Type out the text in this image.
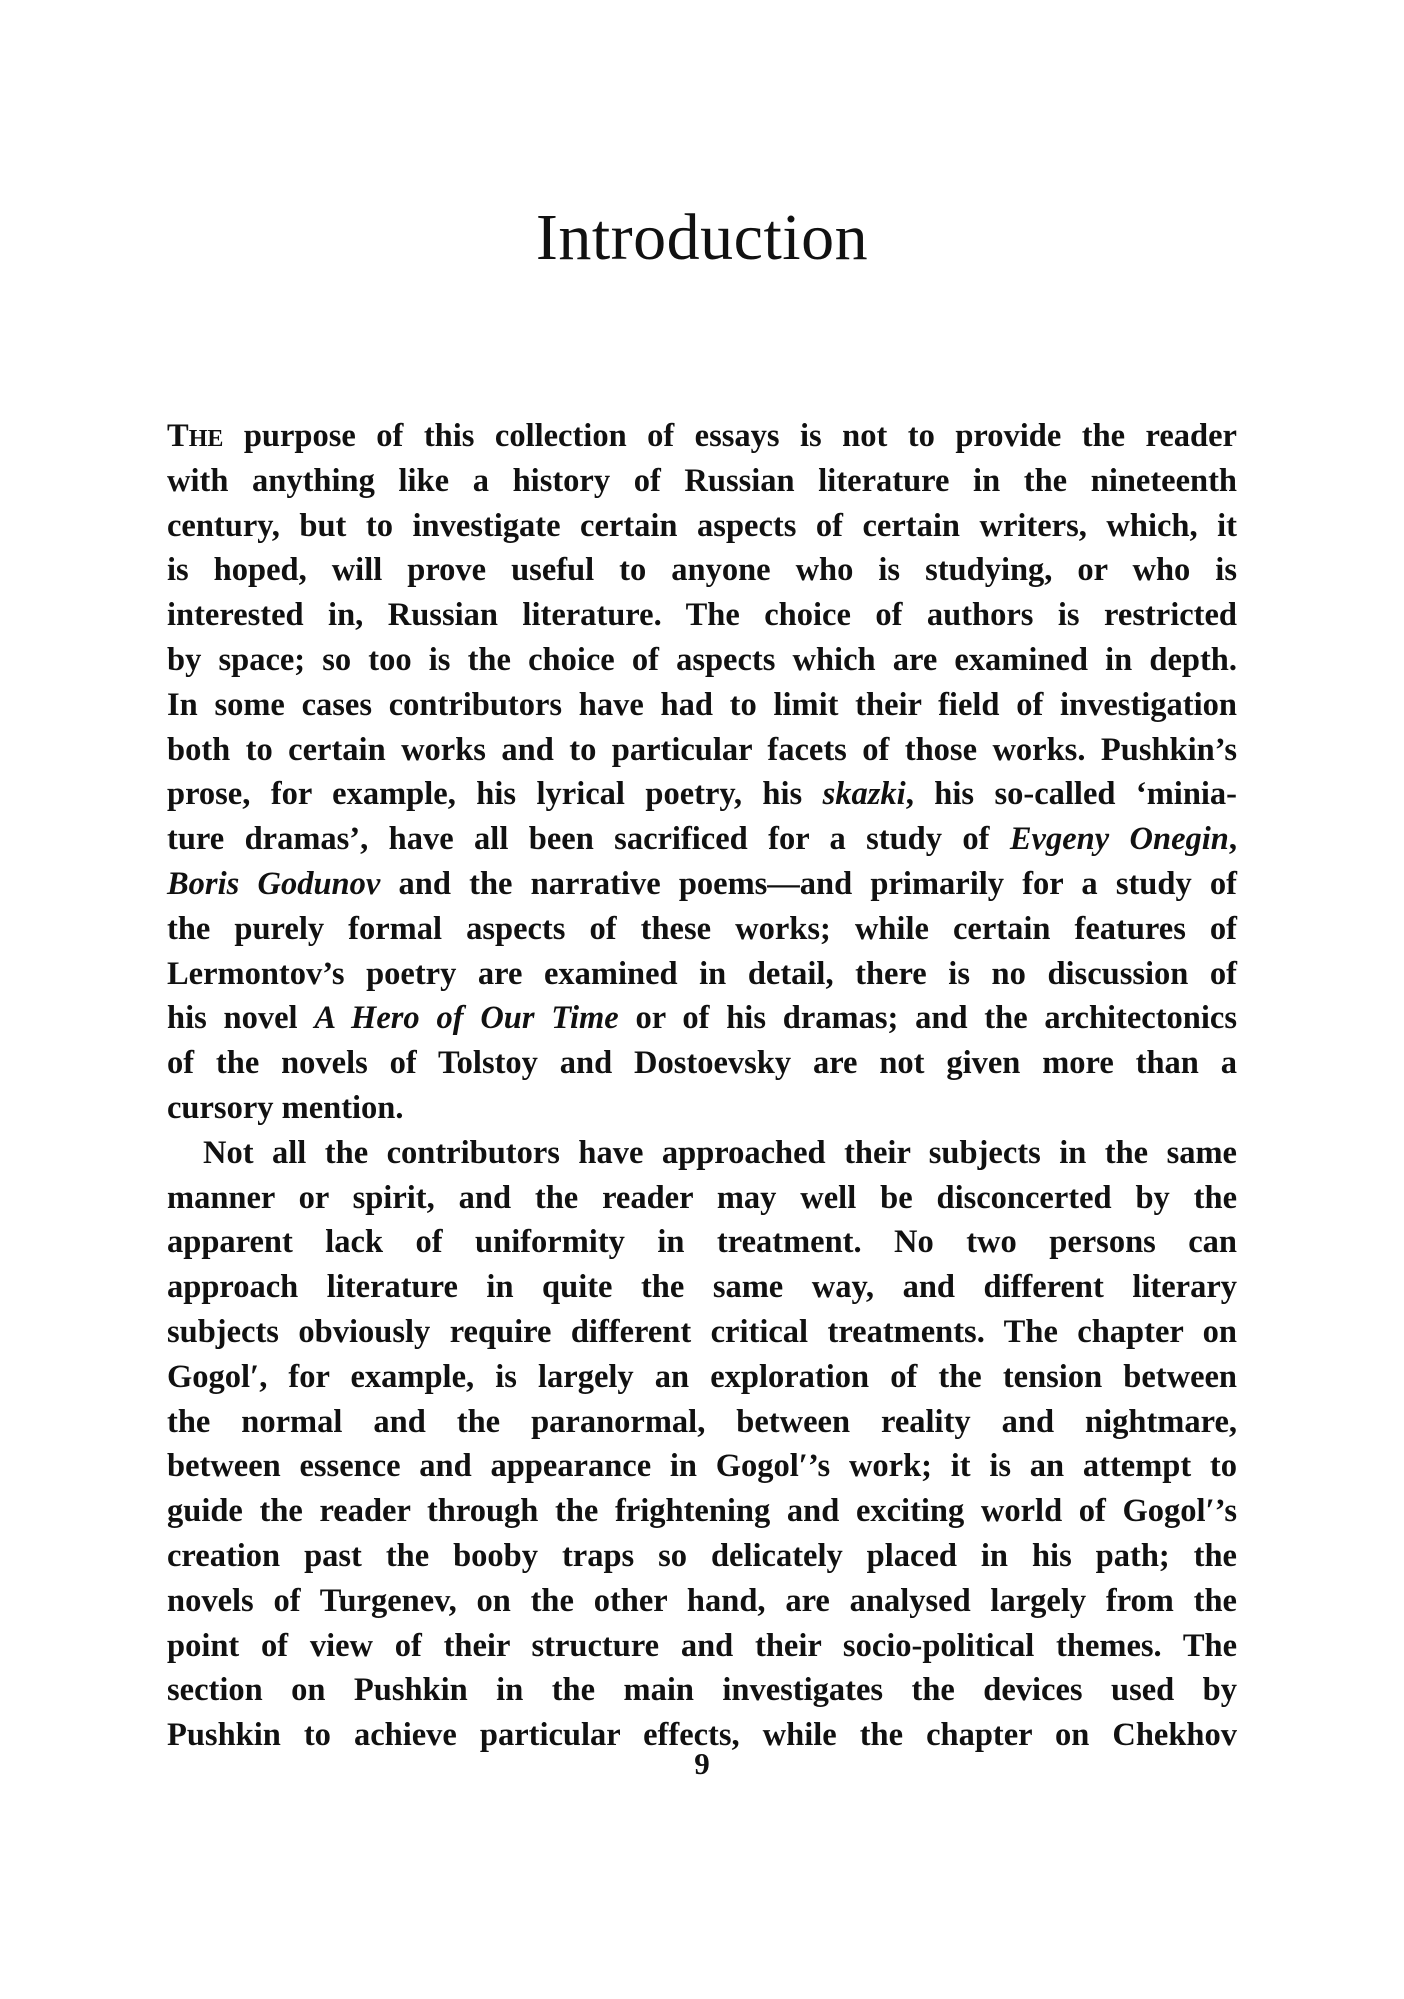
Introduction
THE purpose of this collection of essays is not to provide the reader
with anything like a history of Russian literature in the nineteenth
century, but to investigate certain aspects of certain writers, which, it
is hoped, will prove useful to anyone who is studying, or who is
interested in, Russian literature. The choice of authors is restricted
by space; so too is the choice of aspects which are examined in depth.
In some cases contributors have had to limit their field of investigation
both to certain works and to particular facets of those works. Pushkin’s
prose, for example, his lyrical poetry, his skazki, his so-called ‘minia-
ture dramas’, have all been sacrificed for a study of Evgeny Onegin,
Boris Godunov and the narrative poems—and primarily for a study of
the purely formal aspects of these works; while certain features of
Lermontov’s poetry are examined in detail, there is no discussion of
his novel A Hero of Our Time or of his dramas; and the architectonics
of the novels of Tolstoy and Dostoevsky are not given more than a
cursory mention.
Not all the contributors have approached their subjects in the same
manner or spirit, and the reader may well be disconcerted by the
apparent lack of uniformity in treatment. No two persons can
approach literature in quite the same way, and different literary
subjects obviously require different critical treatments. The chapter on
Gogol′, for example, is largely an exploration of the tension between
the normal and the paranormal, between reality and nightmare,
between essence and appearance in Gogol′’s work; it is an attempt to
guide the reader through the frightening and exciting world of Gogol′’s
creation past the booby traps so delicately placed in his path; the
novels of Turgenev, on the other hand, are analysed largely from the
point of view of their structure and their socio-political themes. The
section on Pushkin in the main investigates the devices used by
Pushkin to achieve particular effects, while the chapter on Chekhov
9
